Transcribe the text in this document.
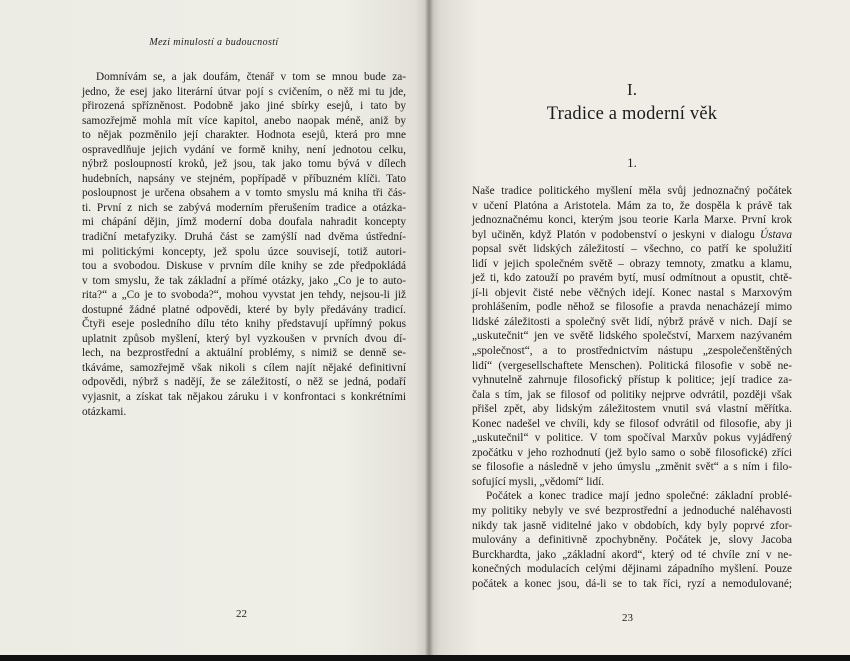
Mezi minulostí a budoucností
Domnívám se, a jak doufám, čtenář v tom se mnou bude za-
jedno, že esej jako literární útvar pojí s cvičením, o něž mi tu jde,
přirozená spřízněnost. Podobně jako jiné sbírky esejů, i tato by
samozřejmě mohla mít více kapitol, anebo naopak méně, aniž by
to nějak pozměnilo její charakter. Hodnota esejů, která pro mne
ospravedlňuje jejich vydání ve formě knihy, není jednotou celku,
nýbrž posloupností kroků, jež jsou, tak jako tomu bývá v dílech
hudebních, napsány ve stejném, popřípadě v příbuzném klíči. Tato
posloupnost je určena obsahem a v tomto smyslu má kniha tři čás-
ti. První z nich se zabývá moderním přerušením tradice a otázka-
mi chápání dějin, jímž moderní doba doufala nahradit koncepty
tradiční metafyziky. Druhá část se zamýšlí nad dvěma ústřední-
mi politickými koncepty, jež spolu úzce souvisejí, totiž autori-
tou a svobodou. Diskuse v prvním díle knihy se zde předpokládá
v tom smyslu, že tak základní a přímé otázky, jako „Co je to auto-
rita?“ a „Co je to svoboda?“, mohou vyvstat jen tehdy, nejsou-li již
dostupné žádné platné odpovědi, které by byly předávány tradicí.
Čtyři eseje posledního dílu této knihy představují upřímný pokus
uplatnit způsob myšlení, který byl vyzkoušen v prvních dvou dí-
lech, na bezprostřední a aktuální problémy, s nimiž se denně se-
tkáváme, samozřejmě však nikoli s cílem najít nějaké definitivní
odpovědi, nýbrž s nadějí, že se záležitostí, o něž se jedná, podaří
vyjasnit, a získat tak nějakou záruku i v konfrontaci s konkrétními
otázkami.
22
I.
Tradice a moderní věk
1.
Naše tradice politického myšlení měla svůj jednoznačný počátek
v učení Platóna a Aristotela. Mám za to, že dospěla k právě tak
jednoznačnému konci, kterým jsou teorie Karla Marxe. První krok
byl učiněn, když Platón v podobenství o jeskyni v dialogu Ústava
popsal svět lidských záležitostí – všechno, co patří ke spolužití
lidí v jejich společném světě – obrazy temnoty, zmatku a klamu,
jež ti, kdo zatouží po pravém bytí, musí odmítnout a opustit, chtě-
jí-li objevit čisté nebe věčných idejí. Konec nastal s Marxovým
prohlášením, podle něhož se filosofie a pravda nenacházejí mimo
lidské záležitosti a společný svět lidí, nýbrž právě v nich. Dají se
„uskutečnit“ jen ve světě lidského společství, Marxem nazývaném
„společnost“, a to prostřednictvím nástupu „zespolečenštěných
lidí“ (vergesellschaftete Menschen). Politická filosofie v sobě ne-
vyhnutelně zahrnuje filosofický přístup k politice; její tradice za-
čala s tím, jak se filosof od politiky nejprve odvrátil, později však
přišel zpět, aby lidským záležitostem vnutil svá vlastní měřítka.
Konec nadešel ve chvíli, kdy se filosof odvrátil od filosofie, aby ji
„uskutečnil“ v politice. V tom spočíval Marxův pokus vyjádřený
zpočátku v jeho rozhodnutí (jež bylo samo o sobě filosofické) zříci
se filosofie a následně v jeho úmyslu „změnit svět“ a s ním i filo-
sofující mysli, „vědomí“ lidí.
Počátek a konec tradice mají jedno společné: základní problé-
my politiky nebyly ve své bezprostřední a jednoduché naléhavosti
nikdy tak jasně viditelné jako v obdobích, kdy byly poprvé zfor-
mulovány a definitivně zpochybněny. Počátek je, slovy Jacoba
Burckhardta, jako „základní akord“, který od té chvíle zní v ne-
konečných modulacích celými dějinami západního myšlení. Pouze
počátek a konec jsou, dá-li se to tak říci, ryzí a nemodulované;
23
